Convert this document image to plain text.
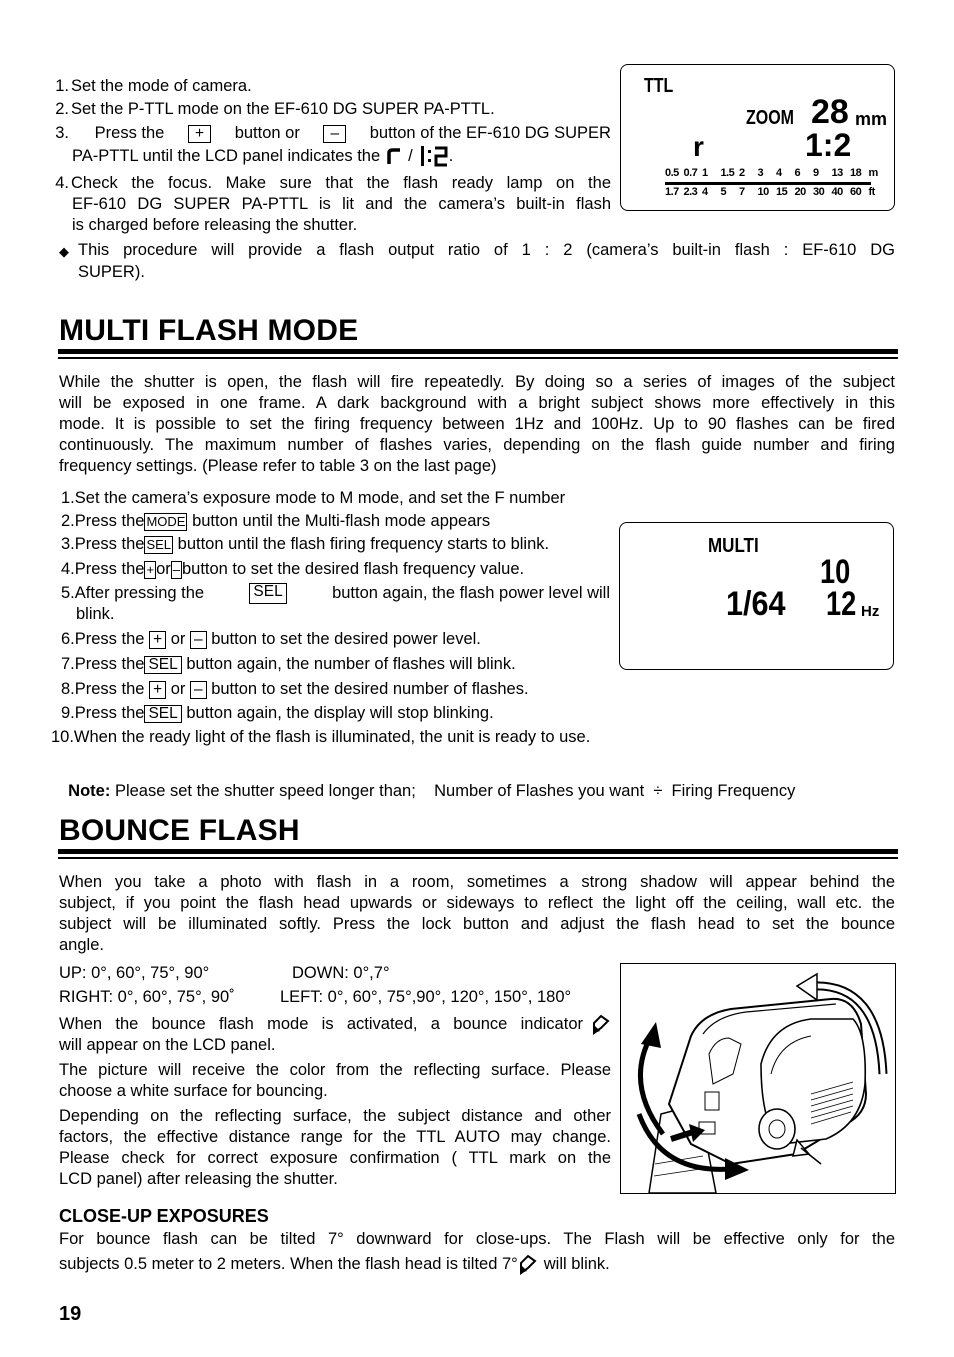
1. Set the mode of camera.
2. Set the P-TTL mode on the EF-610 DG SUPER PA-PTTL.
3. Press the	+	button or	–	button of the EF-610 DG SUPER
PA-PTTL until the LCD panel indicates the / .
4. Check the focus. Make sure that the flash ready lamp on the
EF-610 DG SUPER PA-PTTL is lit and the camera’s built-in flash
is charged before releasing the shutter.
◆ This procedure will provide a flash output ratio of 1 : 2 (camera’s built-in flash : EF-610 DG
SUPER).
TTL
ZOOM 28 mm
r	1:2
0.5 0.7 1 1.5 2 3 4 6 9 13 18 m
1.7 2.3 4 5 7 10 15 20 30 40 60 ft
MULTI FLASH MODE
While the shutter is open, the flash will fire repeatedly. By doing so a series of images of the subject
will be exposed in one frame. A dark background with a bright subject shows more effectively in this
mode. It is possible to set the firing frequency between 1Hz and 100Hz. Up to 90 flashes can be fired
continuously. The maximum number of flashes varies, depending on the flash guide number and firing
frequency settings. (Please refer to table 3 on the last page)
1.Set the camera’s exposure mode to M mode, and set the F number
2.Press the MODE button until the Multi-flash mode appears
3.Press the SEL button until the flash firing frequency starts to blink.
4.Press the + or – button to set the desired flash frequency value.
5.After pressing the	SEL	button again, the flash power level will
blink.
6.Press the + or – button to set the desired power level.
7.Press the SEL button again, the number of flashes will blink.
8.Press the + or – button to set the desired number of flashes.
9.Press the SEL button again, the display will stop blinking.
10.When the ready light of the flash is illuminated, the unit is ready to use.

Note: Please set the shutter speed longer than;    Number of Flashes you want  ÷  Firing Frequency

MULTI
10
1/64 12 Hz
BOUNCE FLASH
When you take a photo with flash in a room, sometimes a strong shadow will appear behind the
subject, if you point the flash head upwards or sideways to reflect the light off the ceiling, wall etc. the
subject will be illuminated softly. Press the lock button and adjust the flash head to set the bounce
angle.
UP: 0°, 60°, 75°, 90°	DOWN: 0°,7°
RIGHT: 0°, 60°, 75°, 90˚	LEFT: 0°, 60°, 75°,90°, 120°, 150°, 180°
When the bounce flash mode is activated, a bounce indicator
will appear on the LCD panel.
The picture will receive the color from the reflecting surface. Please
choose a white surface for bouncing.
Depending on the reflecting surface, the subject distance and other
factors, the effective distance range for the TTL AUTO may change.
Please check for correct exposure confirmation ( TTL mark on the
LCD panel) after releasing the shutter.
CLOSE-UP EXPOSURES
For bounce flash can be tilted 7° downward for close-ups. The Flash will be effective only for the
subjects 0.5 meter to 2 meters. When the flash head is tilted 7° will blink.
19
